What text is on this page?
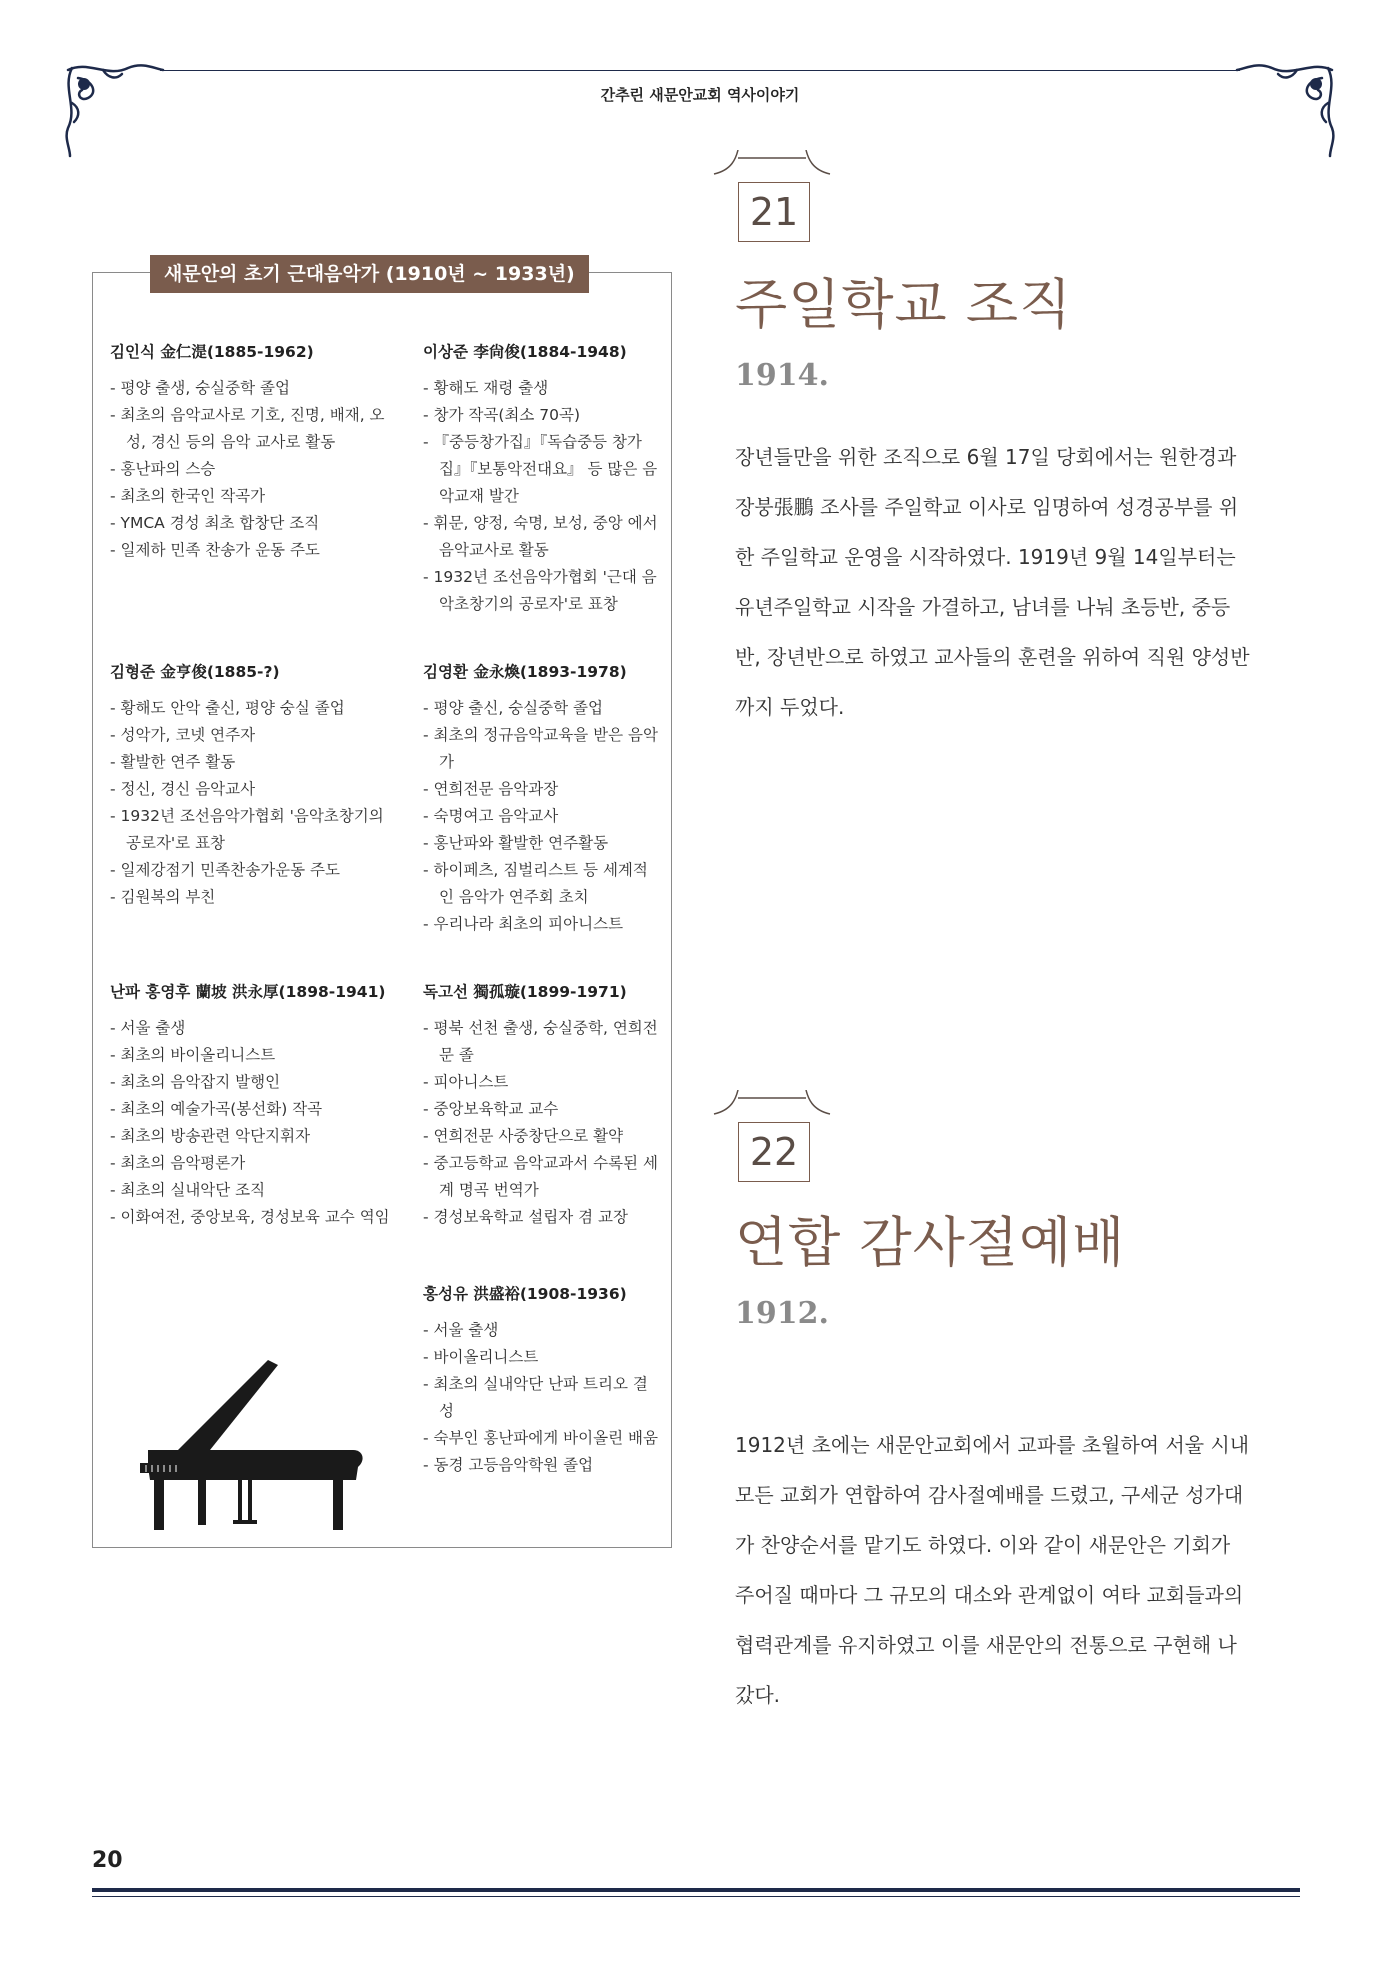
간추린 새문안교회 역사이야기
새문안의 초기 근대음악가 (1910년 ~ 1933년)
김인식 金仁湜(1885-1962)
- 평양 출생, 숭실중학 졸업
- 최초의 음악교사로 기호, 진명, 배재, 오성, 경신 등의 음악 교사로 활동
- 홍난파의 스승
- 최초의 한국인 작곡가
- YMCA 경성 최초 합창단 조직
- 일제하 민족 찬송가 운동 주도
이상준 李尙俊(1884-1948)
- 황해도 재령 출생
- 창가 작곡(최소 70곡)
- 『중등창가집』『독습중등 창가집』『보통악전대요』 등 많은 음악교재 발간
- 휘문, 양정, 숙명, 보성, 중앙 에서 음악교사로 활동
- 1932년 조선음악가협회 '근대 음악초창기의 공로자'로 표창
김형준 金亨俊(1885-?)
- 황해도 안악 출신, 평양 숭실 졸업
- 성악가, 코넷 연주자
- 활발한 연주 활동
- 정신, 경신 음악교사
- 1932년 조선음악가협회 '음악초창기의 공로자'로 표창
- 일제강점기 민족찬송가운동 주도
- 김원복의 부친
김영환 金永煥(1893-1978)
- 평양 출신, 숭실중학 졸업
- 최초의 정규음악교육을 받은 음악가
- 연희전문 음악과장
- 숙명여고 음악교사
- 홍난파와 활발한 연주활동
- 하이페츠, 짐벌리스트 등 세계적인 음악가 연주회 초치
- 우리나라 최초의 피아니스트
난파 홍영후 蘭坡 洪永厚(1898-1941)
- 서울 출생
- 최초의 바이올리니스트
- 최초의 음악잡지 발행인
- 최초의 예술가곡(봉선화) 작곡
- 최초의 방송관련 악단지휘자
- 최초의 음악평론가
- 최초의 실내악단 조직
- 이화여전, 중앙보육, 경성보육 교수 역임
독고선 獨孤璇(1899-1971)
- 평북 선천 출생, 숭실중학, 연희전문 졸
- 피아니스트
- 중앙보육학교 교수
- 연희전문 사중창단으로 활약
- 중고등학교 음악교과서 수록된 세계 명곡 번역가
- 경성보육학교 설립자 겸 교장
홍성유 洪盛裕(1908-1936)
- 서울 출생
- 바이올리니스트
- 최초의 실내악단 난파 트리오 결성
- 숙부인 홍난파에게 바이올린 배움
- 동경 고등음악학원 졸업
21
주일학교 조직
1914.

장년들만을 위한 조직으로 6월 17일 당회에서는 원한경과 장붕張鵬 조사를 주일학교 이사로 임명하여 성경공부를 위한 주일학교 운영을 시작하였다. 1919년 9월 14일부터는 유년주일학교 시작을 가결하고, 남녀를 나눠 초등반, 중등반, 장년반으로 하였고 교사들의 훈련을 위하여 직원 양성반까지 두었다.

22
연합 감사절예배
1912.

1912년 초에는 새문안교회에서 교파를 초월하여 서울 시내 모든 교회가 연합하여 감사절예배를 드렸고, 구세군 성가대가 찬양순서를 맡기도 하였다. 이와 같이 새문안은 기회가 주어질 때마다 그 규모의 대소와 관계없이 여타 교회들과의 협력관계를 유지하였고 이를 새문안의 전통으로 구현해 나갔다.

20
